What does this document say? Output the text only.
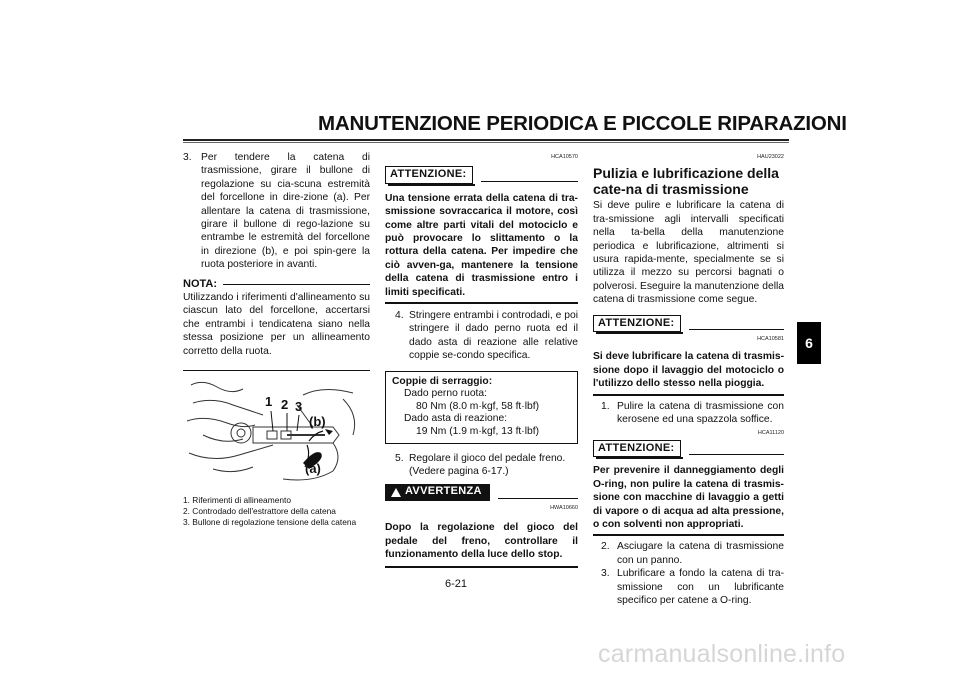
MANUTENZIONE PERIODICA E PICCOLE RIPARAZIONI
6
3. Per tendere la catena di trasmissione, girare il bullone di regolazione su cia-scuna estremità del forcellone in dire-zione (a). Per allentare la catena di trasmissione, girare il bullone di rego-lazione su entrambe le estremità del forcellone in direzione (b), e poi spin-gere la ruota posteriore in avanti.
NOTA:
Utilizzando i riferimenti d'allineamento su ciascun lato del forcellone, accertarsi che entrambi i tendicatena siano nella stessa posizione per un allineamento corretto della ruota.
1 2 3
(b)
(a)
1. Riferimenti di allineamento
2. Controdado dell'estrattore della catena
3. Bullone di regolazione tensione della catena
HCA10570
ATTENZIONE:
Una tensione errata della catena di tra-smissione sovraccarica il motore, così come altre parti vitali del motociclo e può provocare lo slittamento o la rottura della catena. Per impedire che ciò avven-ga, mantenere la tensione della catena di trasmissione entro i limiti specificati.
4. Stringere entrambi i controdadi, e poi stringere il dado perno ruota ed il dado asta di reazione alle relative coppie se-condo specifica.
Coppie di serraggio:
Dado perno ruota:
80 Nm (8.0 m·kgf, 58 ft·lbf)
Dado asta di reazione:
19 Nm (1.9 m·kgf, 13 ft·lbf)
5. Regolare il gioco del pedale freno. (Vedere pagina 6-17.)
AVVERTENZA
HWA10660
Dopo la regolazione del gioco del pedale del freno, controllare il funzionamento della luce dello stop.
HAU23022
Pulizia e lubrificazione della cate-na di trasmissione
Si deve pulire e lubrificare la catena di tra-smissione agli intervalli specificati nella ta-bella della manutenzione periodica e lubrificazione, altrimenti si usura rapida-mente, specialmente se si utilizza il mezzo su percorsi bagnati o polverosi. Eseguire la manutenzione della catena di trasmissione come segue.
ATTENZIONE:
HCA10581
Si deve lubrificare la catena di trasmis-sione dopo il lavaggio del motociclo o l'utilizzo dello stesso nella pioggia.
1. Pulire la catena di trasmissione con kerosene ed una spazzola soffice.
HCA11120
ATTENZIONE:
Per prevenire il danneggiamento degli O-ring, non pulire la catena di trasmis-sione con macchine di lavaggio a getti di vapore o di acqua ad alta pressione, o con solventi non appropriati.
2. Asciugare la catena di trasmissione con un panno.
3. Lubrificare a fondo la catena di tra-smissione con un lubrificante specifico per catene a O-ring.
6-21
carmanualsonline.info
